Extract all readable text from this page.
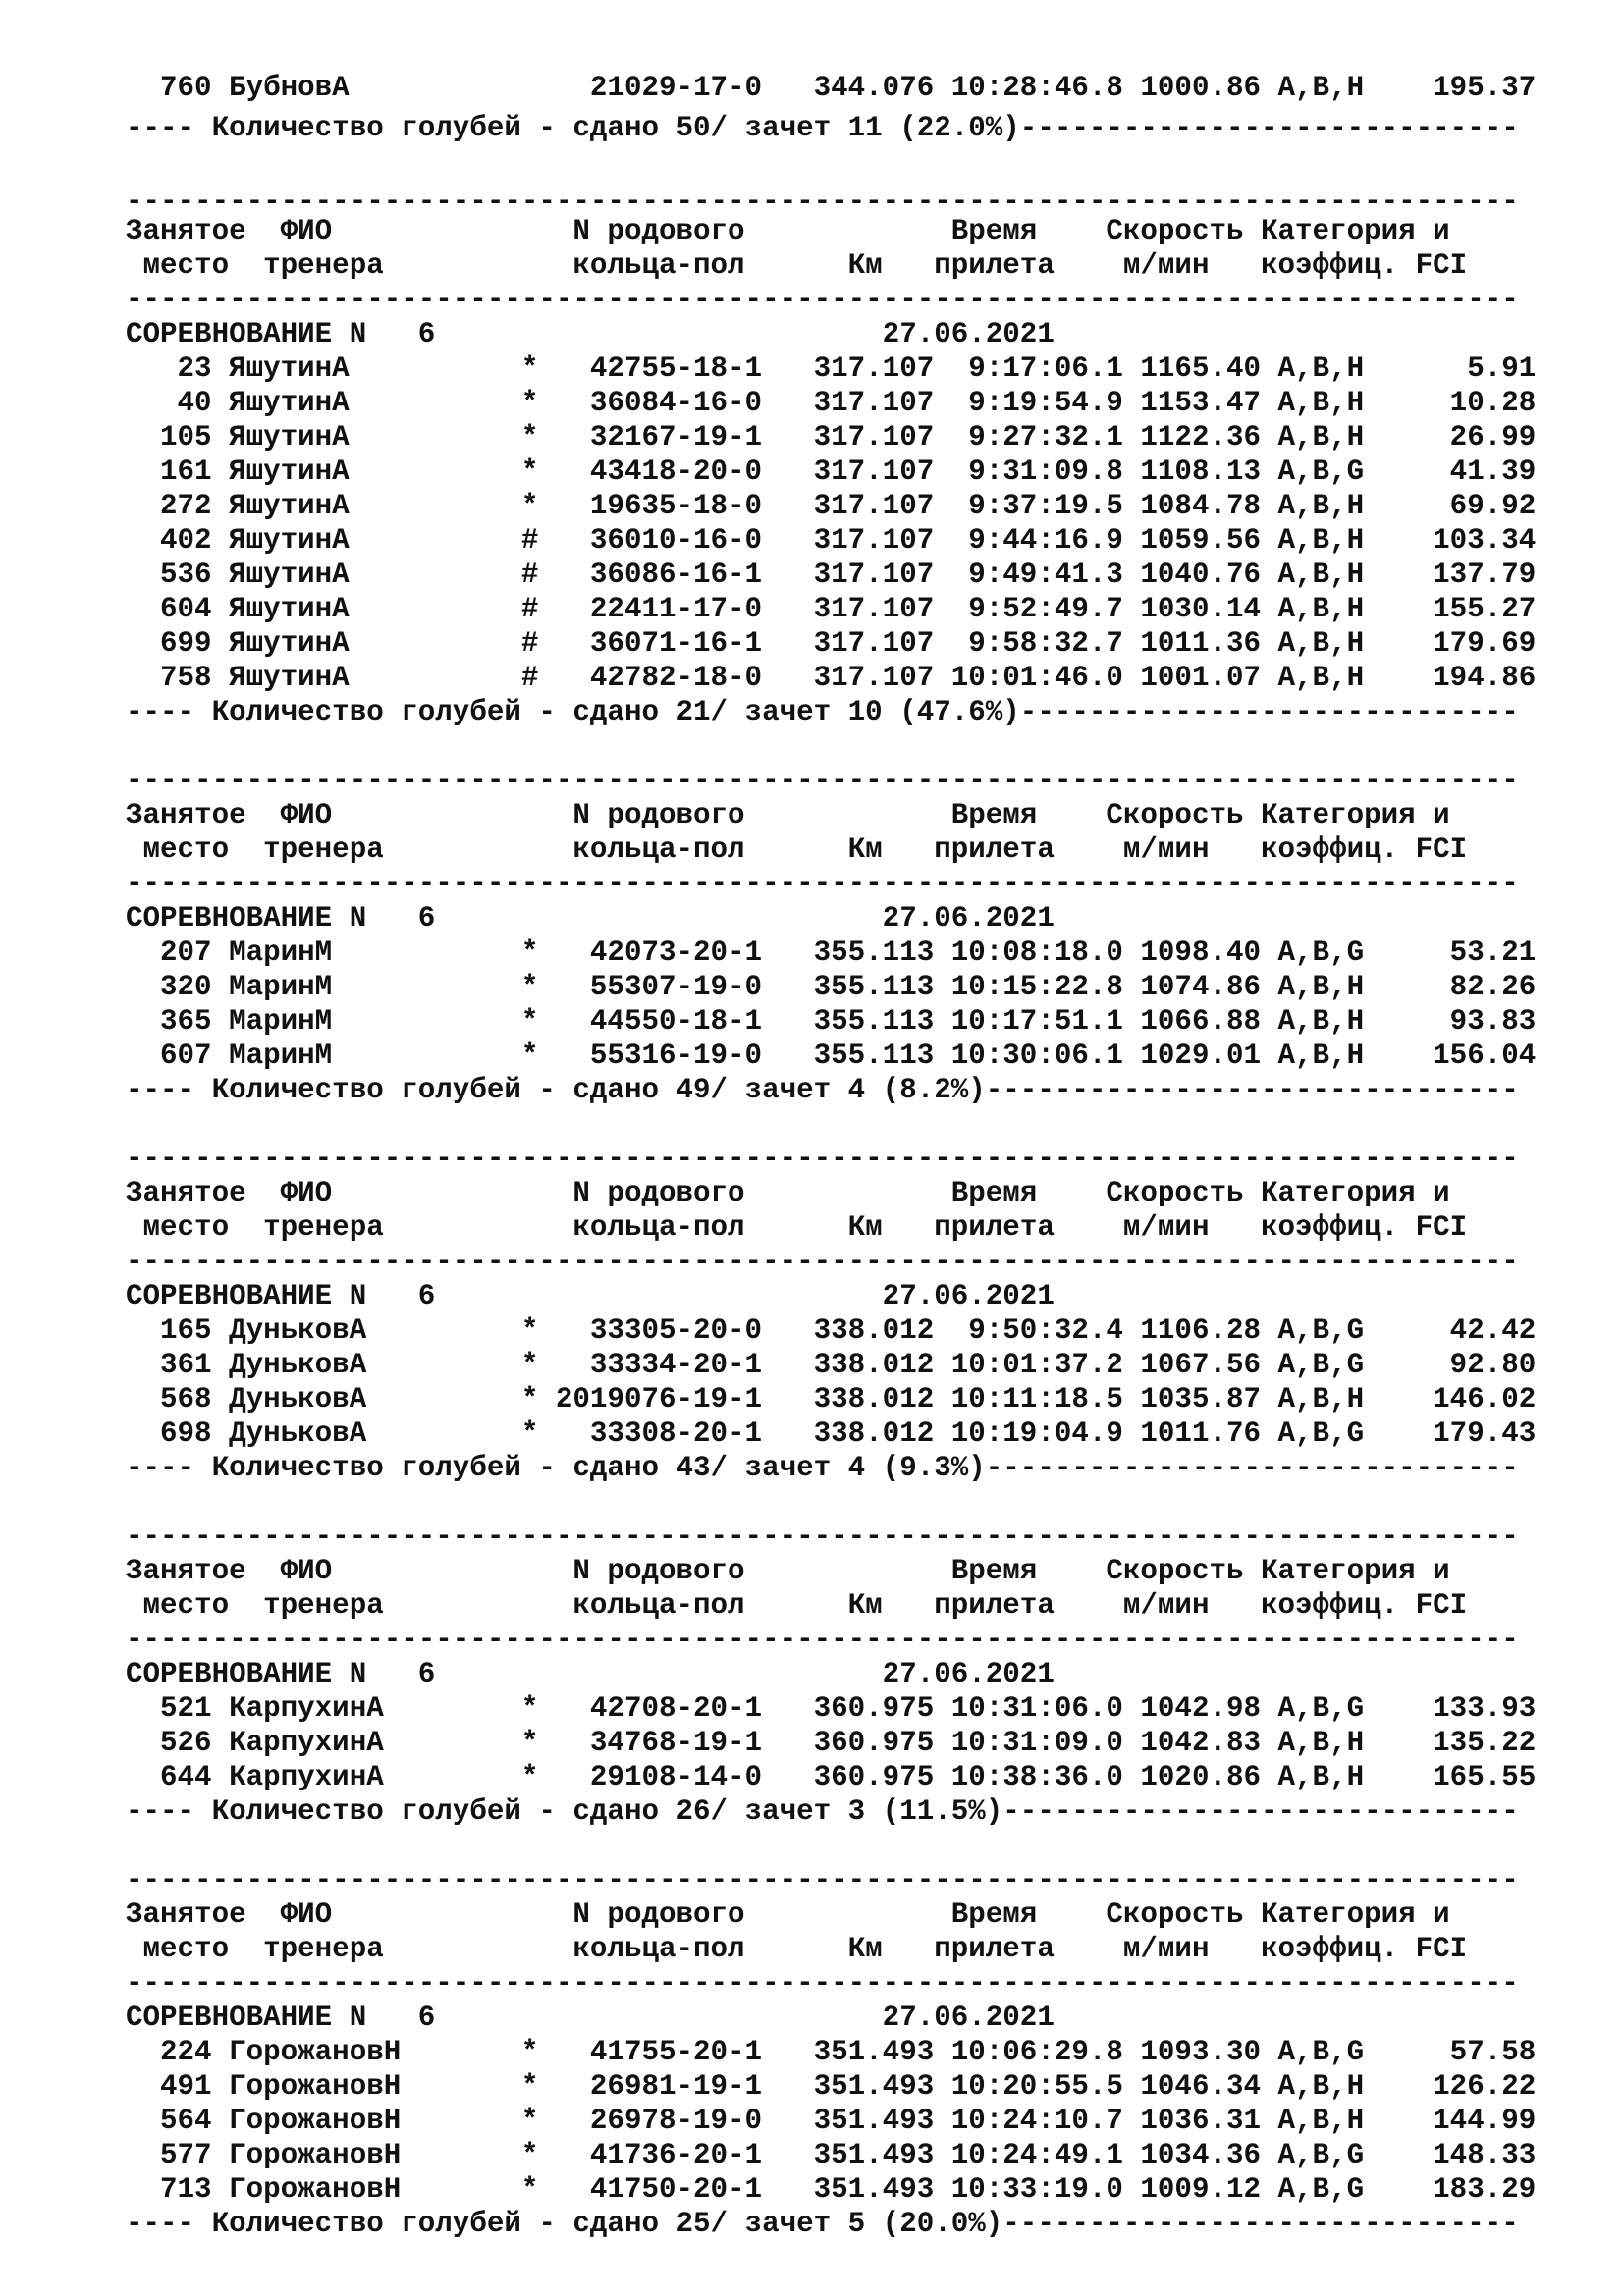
760 БубновА              21029-17-0   344.076 10:28:46.8 1000.86 A,B,H    195.37
---- Количество голубей - сдано 50/ зачет 11 (22.0%)-----------------------------
---------------------------------------------------------------------------------
Занятое  ФИО              N родового            Время    Скорость Категория и
место  тренера           кольца-пол      Км   прилета    м/мин   коэффиц. FCI
---------------------------------------------------------------------------------
СОРЕВНОВАНИЕ N   6                          27.06.2021
23 ЯшутинА          *   42755-18-1   317.107  9:17:06.1 1165.40 A,B,H      5.91
40 ЯшутинА          *   36084-16-0   317.107  9:19:54.9 1153.47 A,B,H     10.28
105 ЯшутинА          *   32167-19-1   317.107  9:27:32.1 1122.36 A,B,H     26.99
161 ЯшутинА          *   43418-20-0   317.107  9:31:09.8 1108.13 A,B,G     41.39
272 ЯшутинА          *   19635-18-0   317.107  9:37:19.5 1084.78 A,B,H     69.92
402 ЯшутинА          #   36010-16-0   317.107  9:44:16.9 1059.56 A,B,H    103.34
536 ЯшутинА          #   36086-16-1   317.107  9:49:41.3 1040.76 A,B,H    137.79
604 ЯшутинА          #   22411-17-0   317.107  9:52:49.7 1030.14 A,B,H    155.27
699 ЯшутинА          #   36071-16-1   317.107  9:58:32.7 1011.36 A,B,H    179.69
758 ЯшутинА          #   42782-18-0   317.107 10:01:46.0 1001.07 A,B,H    194.86
---- Количество голубей - сдано 21/ зачет 10 (47.6%)-----------------------------
---------------------------------------------------------------------------------
Занятое  ФИО              N родового            Время    Скорость Категория и
место  тренера           кольца-пол      Км   прилета    м/мин   коэффиц. FCI
---------------------------------------------------------------------------------
СОРЕВНОВАНИЕ N   6                          27.06.2021
207 МаринМ           *   42073-20-1   355.113 10:08:18.0 1098.40 A,B,G     53.21
320 МаринМ           *   55307-19-0   355.113 10:15:22.8 1074.86 A,B,H     82.26
365 МаринМ           *   44550-18-1   355.113 10:17:51.1 1066.88 A,B,H     93.83
607 МаринМ           *   55316-19-0   355.113 10:30:06.1 1029.01 A,B,H    156.04
---- Количество голубей - сдано 49/ зачет 4 (8.2%)-------------------------------
---------------------------------------------------------------------------------
Занятое  ФИО              N родового            Время    Скорость Категория и
место  тренера           кольца-пол      Км   прилета    м/мин   коэффиц. FCI
---------------------------------------------------------------------------------
СОРЕВНОВАНИЕ N   6                          27.06.2021
165 ДуньковА         *   33305-20-0   338.012  9:50:32.4 1106.28 A,B,G     42.42
361 ДуньковА         *   33334-20-1   338.012 10:01:37.2 1067.56 A,B,G     92.80
568 ДуньковА         * 2019076-19-1   338.012 10:11:18.5 1035.87 A,B,H    146.02
698 ДуньковА         *   33308-20-1   338.012 10:19:04.9 1011.76 A,B,G    179.43
---- Количество голубей - сдано 43/ зачет 4 (9.3%)-------------------------------
---------------------------------------------------------------------------------
Занятое  ФИО              N родового            Время    Скорость Категория и
место  тренера           кольца-пол      Км   прилета    м/мин   коэффиц. FCI
---------------------------------------------------------------------------------
СОРЕВНОВАНИЕ N   6                          27.06.2021
521 КарпухинА        *   42708-20-1   360.975 10:31:06.0 1042.98 A,B,G    133.93
526 КарпухинА        *   34768-19-1   360.975 10:31:09.0 1042.83 A,B,H    135.22
644 КарпухинА        *   29108-14-0   360.975 10:38:36.0 1020.86 A,B,H    165.55
---- Количество голубей - сдано 26/ зачет 3 (11.5%)------------------------------
---------------------------------------------------------------------------------
Занятое  ФИО              N родового            Время    Скорость Категория и
место  тренера           кольца-пол      Км   прилета    м/мин   коэффиц. FCI
---------------------------------------------------------------------------------
СОРЕВНОВАНИЕ N   6                          27.06.2021
224 ГорожановН       *   41755-20-1   351.493 10:06:29.8 1093.30 A,B,G     57.58
491 ГорожановН       *   26981-19-1   351.493 10:20:55.5 1046.34 A,B,H    126.22
564 ГорожановН       *   26978-19-0   351.493 10:24:10.7 1036.31 A,B,H    144.99
577 ГорожановН       *   41736-20-1   351.493 10:24:49.1 1034.36 A,B,G    148.33
713 ГорожановН       *   41750-20-1   351.493 10:33:19.0 1009.12 A,B,G    183.29
---- Количество голубей - сдано 25/ зачет 5 (20.0%)------------------------------
